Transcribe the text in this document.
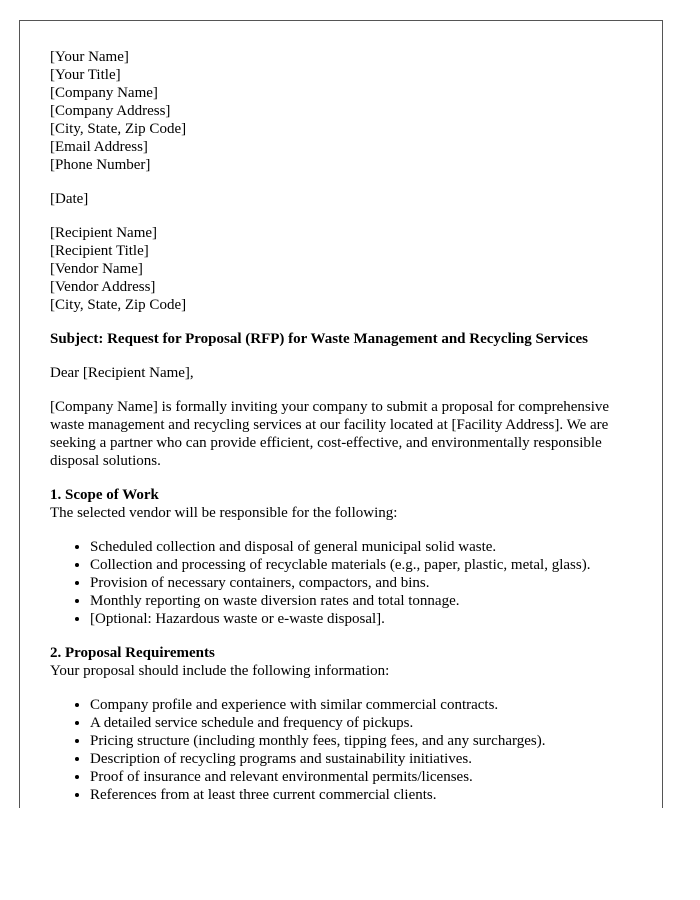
[Your Name]
[Your Title]
[Company Name]
[Company Address]
[City, State, Zip Code]
[Email Address]
[Phone Number]

[Date]

[Recipient Name]
[Recipient Title]
[Vendor Name]
[Vendor Address]
[City, State, Zip Code]

Subject: Request for Proposal (RFP) for Waste Management and Recycling Services

Dear [Recipient Name],

[Company Name] is formally inviting your company to submit a proposal for comprehensive waste management and recycling services at our facility located at [Facility Address]. We are seeking a partner who can provide efficient, cost-effective, and environmentally responsible disposal solutions.

1. Scope of Work
The selected vendor will be responsible for the following:
• Scheduled collection and disposal of general municipal solid waste.
• Collection and processing of recyclable materials (e.g., paper, plastic, metal, glass).
• Provision of necessary containers, compactors, and bins.
• Monthly reporting on waste diversion rates and total tonnage.
• [Optional: Hazardous waste or e-waste disposal].
2. Proposal Requirements
Your proposal should include the following information:
• Company profile and experience with similar commercial contracts.
• A detailed service schedule and frequency of pickups.
• Pricing structure (including monthly fees, tipping fees, and any surcharges).
• Description of recycling programs and sustainability initiatives.
• Proof of insurance and relevant environmental permits/licenses.
• References from at least three current commercial clients.
